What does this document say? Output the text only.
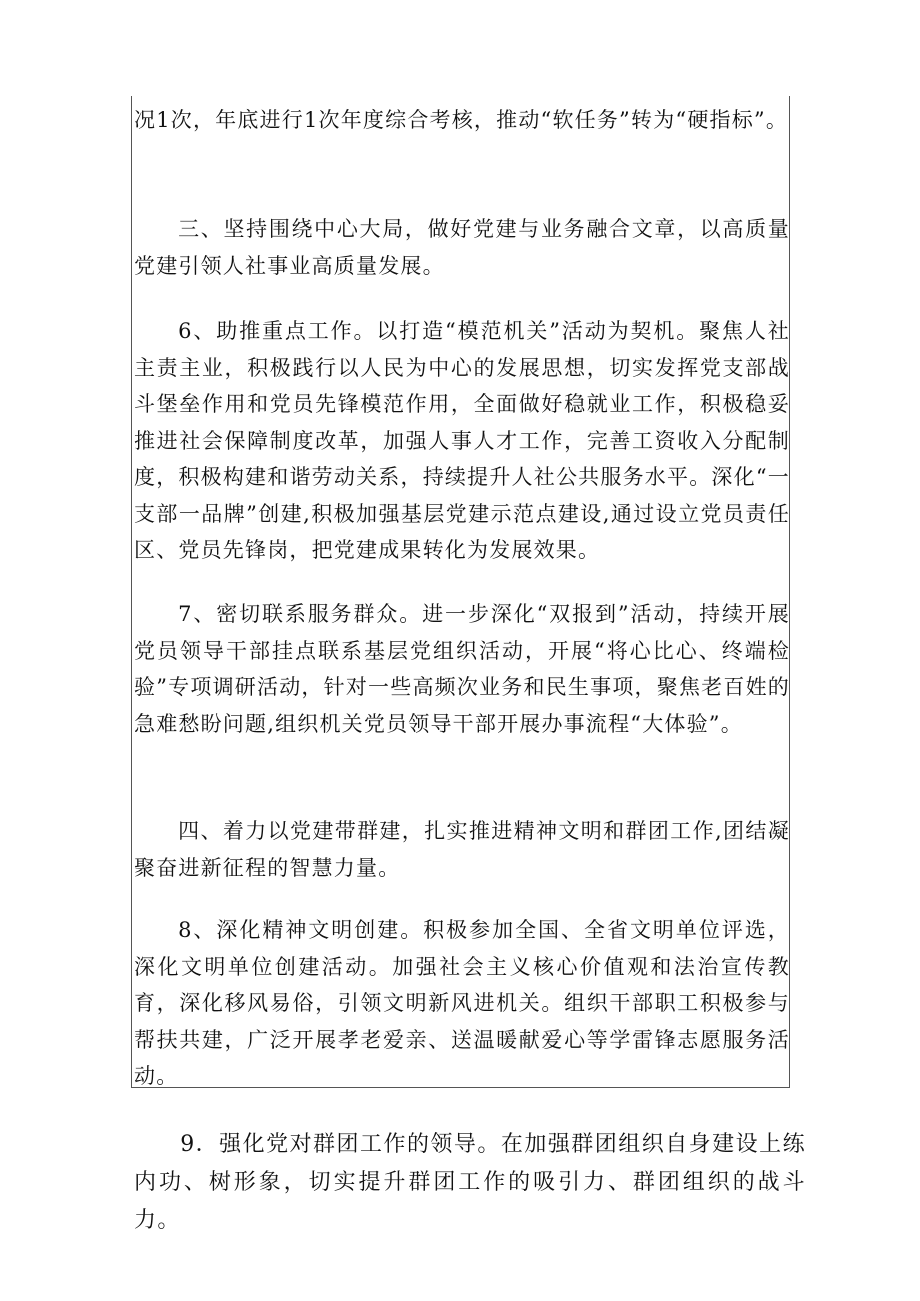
况1次，年底进行1次年度综合考核，推动“软任务”转为“硬指标”。

三、坚持围绕中心大局，做好党建与业务融合文章，以高质量党建引领人社事业高质量发展。

6、助推重点工作。以打造“模范机关”活动为契机。聚焦人社主责主业，积极践行以人民为中心的发展思想，切实发挥党支部战斗堡垒作用和党员先锋模范作用，全面做好稳就业工作，积极稳妥推进社会保障制度改革，加强人事人才工作，完善工资收入分配制度，积极构建和谐劳动关系，持续提升人社公共服务水平。深化“一支部一品牌”创建,积极加强基层党建示范点建设,通过设立党员责任区、党员先锋岗，把党建成果转化为发展效果。

7、密切联系服务群众。进一步深化“双报到”活动，持续开展党员领导干部挂点联系基层党组织活动，开展“将心比心、终端检验”专项调研活动，针对一些高频次业务和民生事项，聚焦老百姓的急难愁盼问题,组织机关党员领导干部开展办事流程“大体验”。

四、着力以党建带群建，扎实推进精神文明和群团工作,团结凝聚奋进新征程的智慧力量。

8、深化精神文明创建。积极参加全国、全省文明单位评选，深化文明单位创建活动。加强社会主义核心价值观和法治宣传教育，深化移风易俗，引领文明新风进机关。组织干部职工积极参与帮扶共建，广泛开展孝老爱亲、送温暖献爱心等学雷锋志愿服务活动。

9．强化党对群团工作的领导。在加强群团组织自身建设上练内功、树形象，切实提升群团工作的吸引力、群团组织的战斗力。
